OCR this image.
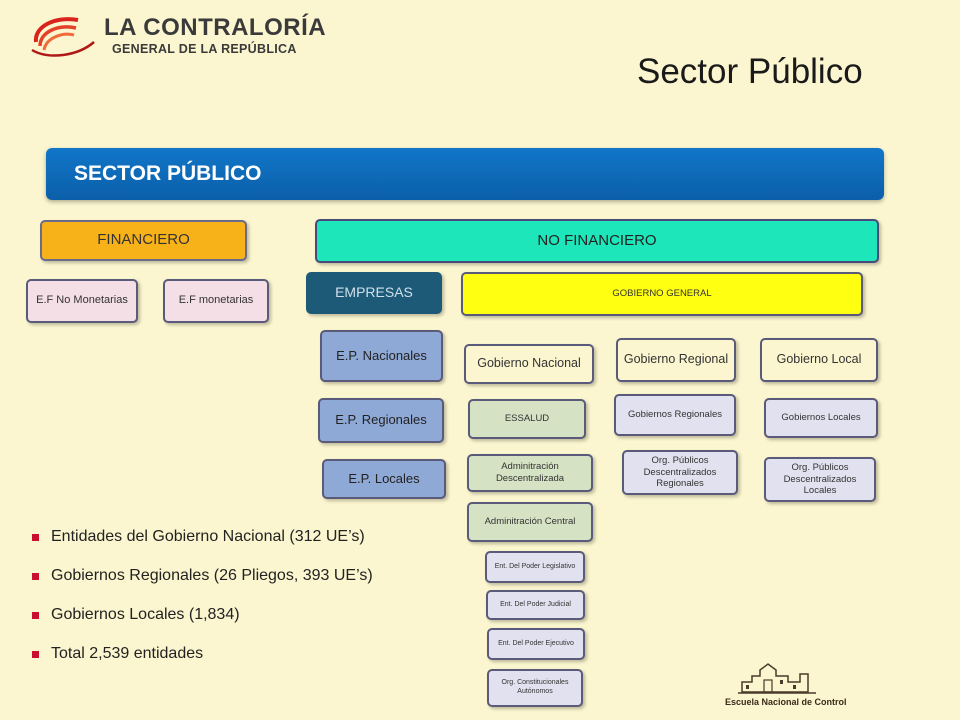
LA CONTRALORÍA
GENERAL DE LA REPÚBLICA
Sector Público
SECTOR PÚBLICO
FINANCIERO
E.F No Monetarias	E.F monetarias
NO FINANCIERO
EMPRESAS
E.P. Nacionales
E.P. Regionales
E.P. Locales
GOBIERNO GENERAL
Gobierno Nacional
ESSALUD
Adminitración Descentralizada
Adminitración Central
Ent. Del Poder Legislativo
Ent. Del Poder Judicial
Ent. Del Poder Ejecutivo
Org. Constitucionales Autónomos
Gobierno Regional
Gobiernos Regionales
Org. Públicos Descentralizados Regionales
Gobierno Local
Gobiernos Locales
Org. Públicos Descentralizados Locales
Entidades del Gobierno Nacional (312 UE’s)
Gobiernos Regionales (26 Pliegos, 393 UE’s)
Gobiernos Locales (1,834)
Total 2,539 entidades
Escuela Nacional de Control
